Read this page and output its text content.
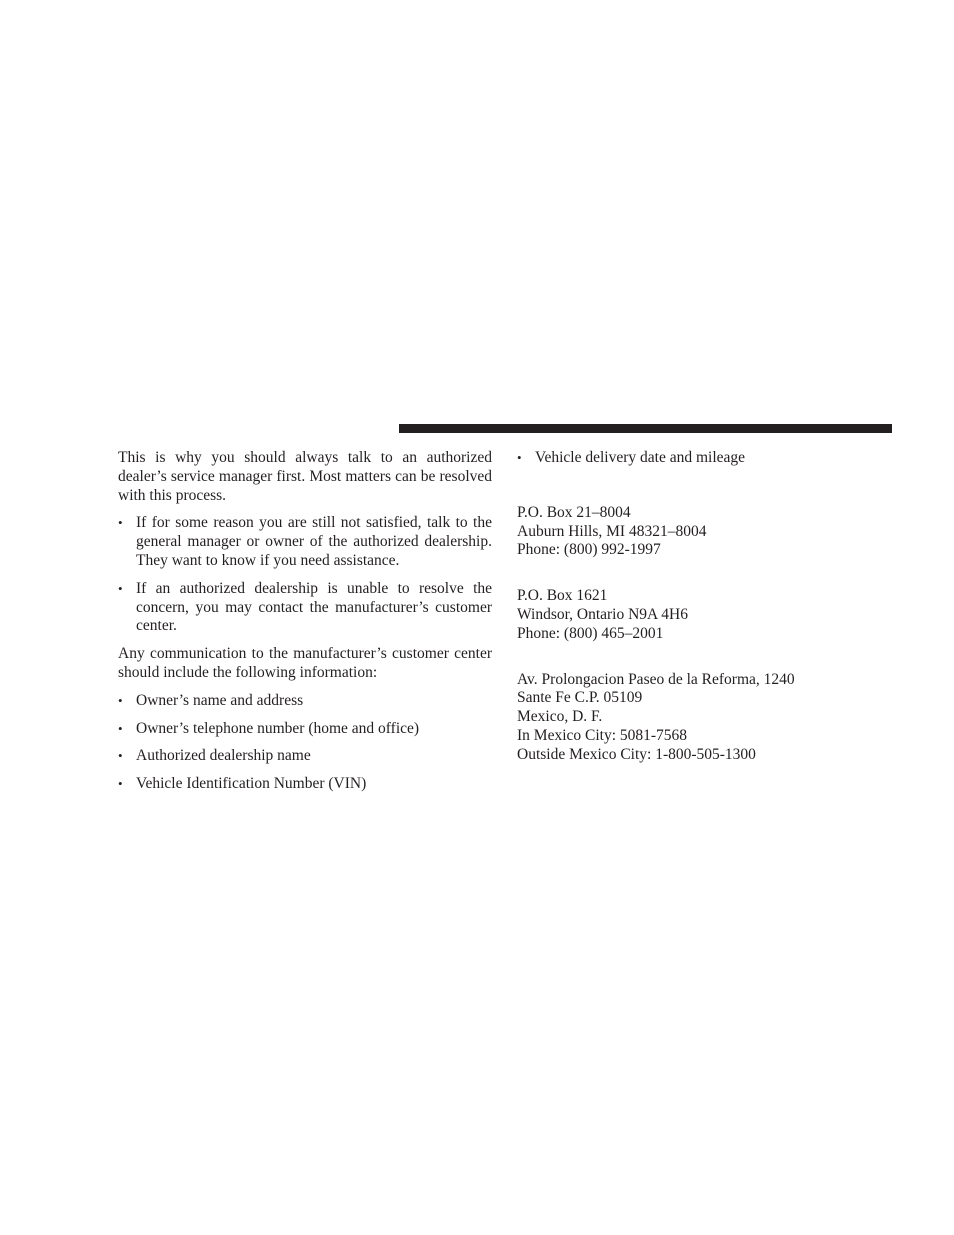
This is why you should always talk to an authorized dealer’s service manager first. Most matters can be resolved with this process.

• If for some reason you are still not satisfied, talk to the general manager or owner of the authorized dealership. They want to know if you need assistance.
• If an authorized dealership is unable to resolve the concern, you may contact the manufacturer’s customer center.

Any communication to the manufacturer’s customer center should include the following information:

• Owner’s name and address
• Owner’s telephone number (home and office)
• Authorized dealership name
• Vehicle Identification Number (VIN)
• Vehicle delivery date and mileage
P.O. Box 21–8004
Auburn Hills, MI 48321–8004
Phone: (800) 992-1997
P.O. Box 1621
Windsor, Ontario N9A 4H6
Phone: (800) 465–2001
Av. Prolongacion Paseo de la Reforma, 1240
Sante Fe C.P. 05109
Mexico, D. F.
In Mexico City: 5081-7568
Outside Mexico City: 1-800-505-1300
